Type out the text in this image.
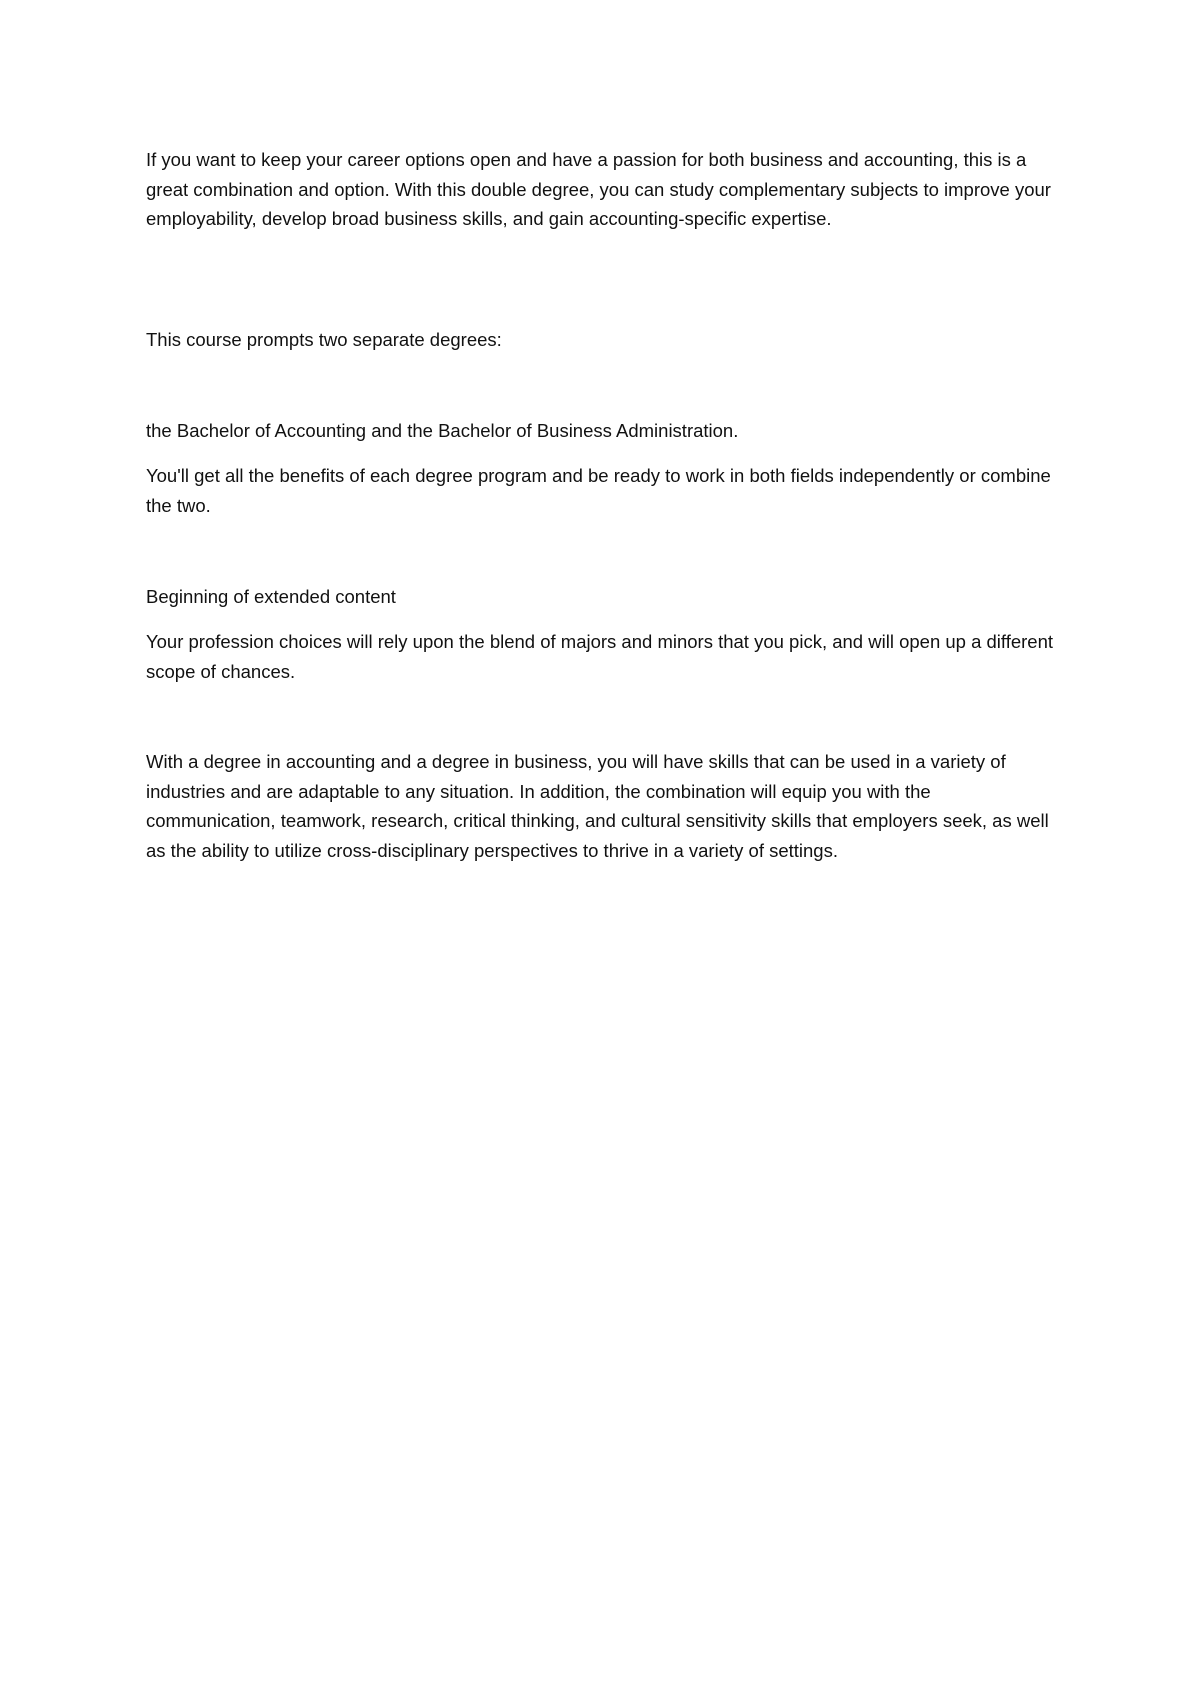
If you want to keep your career options open and have a passion for both business and accounting, this is a great combination and option. With this double degree, you can study complementary subjects to improve your employability, develop broad business skills, and gain accounting-specific expertise.

This course prompts two separate degrees:

the Bachelor of Accounting and the Bachelor of Business Administration.

You'll get all the benefits of each degree program and be ready to work in both fields independently or combine the two.

Beginning of extended content

Your profession choices will rely upon the blend of majors and minors that you pick, and will open up a different scope of chances.

With a degree in accounting and a degree in business, you will have skills that can be used in a variety of industries and are adaptable to any situation. In addition, the combination will equip you with the communication, teamwork, research, critical thinking, and cultural sensitivity skills that employers seek, as well as the ability to utilize cross-disciplinary perspectives to thrive in a variety of settings.
